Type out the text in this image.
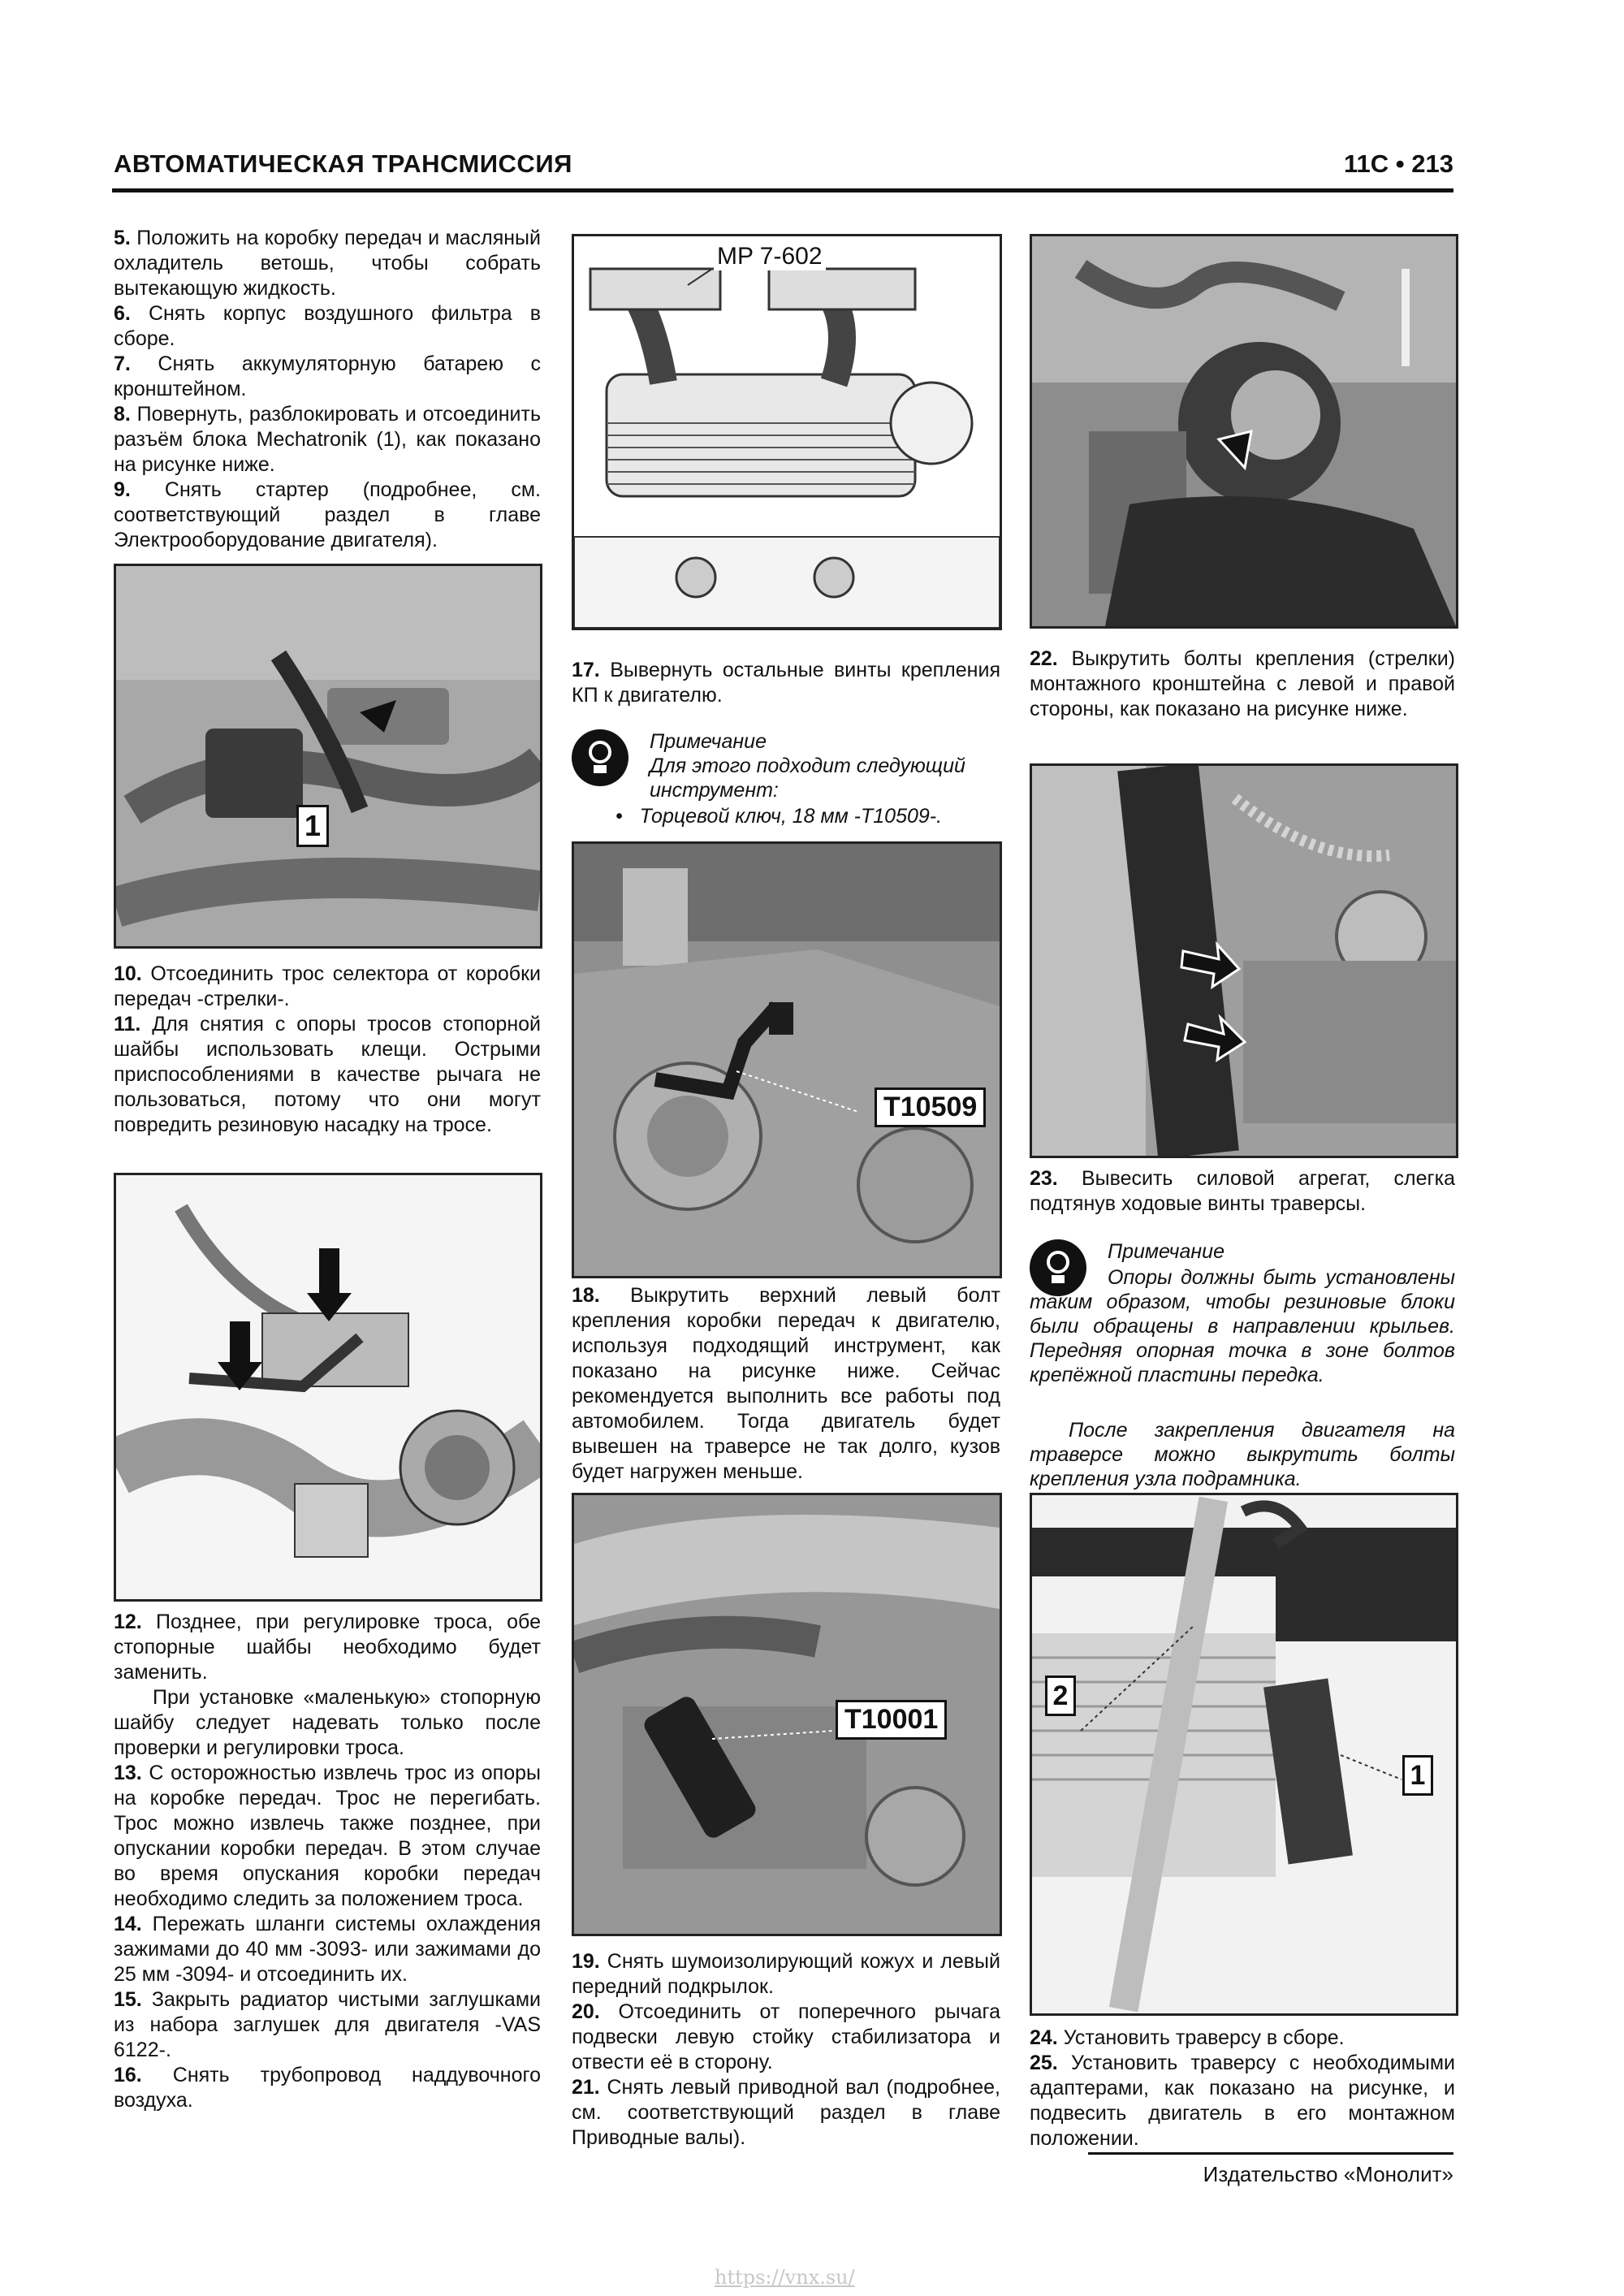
АВТОМАТИЧЕСКАЯ ТРАНСМИССИЯ	11C • 213

5. Положить на коробку передач и масляный охладитель ветошь, чтобы собрать вытекающую жидкость.

6. Снять корпус воздушного фильтра в сборе.

7. Снять аккумуляторную батарею с кронштейном.

8. Повернуть, разблокировать и отсоединить разъём блока Mechatronik (1), как показано на рисунке ниже.

9. Снять стартер (подробнее, см. соответствующий раздел в главе Электрооборудование двигателя).

1

10. Отсоединить трос селектора от коробки передач -стрелки-.

11. Для снятия с опоры тросов стопорной шайбы использовать клещи. Острыми приспособлениями в качестве рычага не пользоваться, потому что они могут повредить резиновую насадку на тросе.

12. Позднее, при регулировке троса, обе стопорные шайбы необходимо будет заменить.

При установке «маленькую» стопорную шайбу следует надевать только после проверки и регулировки троса.

13. С осторожностью извлечь трос из опоры на коробке передач. Трос не перегибать. Трос можно извлечь также позднее, при опускании коробки передач. В этом случае во время опускания коробки передач необходимо следить за положением троса.

14. Пережать шланги системы охлаждения зажимами до 40 мм -3093- или зажимами до 25 мм -3094- и отсоединить их.

15. Закрыть радиатор чистыми заглушками из набора заглушек для двигателя -VAS 6122-.

16. Снять трубопровод наддувочного воздуха.

MP 7-602

17. Вывернуть остальные винты крепления КП к двигателю.

Примечание
Для этого подходит следующий инструмент:
•   Торцевой ключ, 18 мм -T10509-.
T10509

18. Выкрутить верхний левый болт крепления коробки передач к двигателю, используя подходящий инструмент, как показано на рисунке ниже. Сейчас рекомендуется выполнить все работы под автомобилем. Тогда двигатель будет вывешен на траверсе не так долго, кузов будет нагружен меньше.

T10001

19. Снять шумоизолирующий кожух и левый передний подкрылок.

20. Отсоединить от поперечного рычага подвески левую стойку стабилизатора и отвести её в сторону.

21. Снять левый приводной вал (подробнее, см. соответствующий раздел в главе Приводные валы).

22. Выкрутить болты крепления (стрелки) монтажного кронштейна с левой и правой стороны, как показано на рисунке ниже.

23. Вывесить силовой агрегат, слегка подтянув ходовые винты траверсы.

Примечание
Опоры должны быть установлены таким образом, чтобы резиновые блоки были обращены в направлении крыльев. Передняя опорная точка в зоне болтов крепёжной пластины передка.
После закрепления двигателя на траверсе можно выкрутить болты крепления узла подрамника.
2
1

24. Установить траверсу в сборе.

25. Установить траверсу с необходимыми адаптерами, как показано на рисунке, и подвесить двигатель в его монтажном положении.

Издательство «Монолит»
https://vnx.su/
